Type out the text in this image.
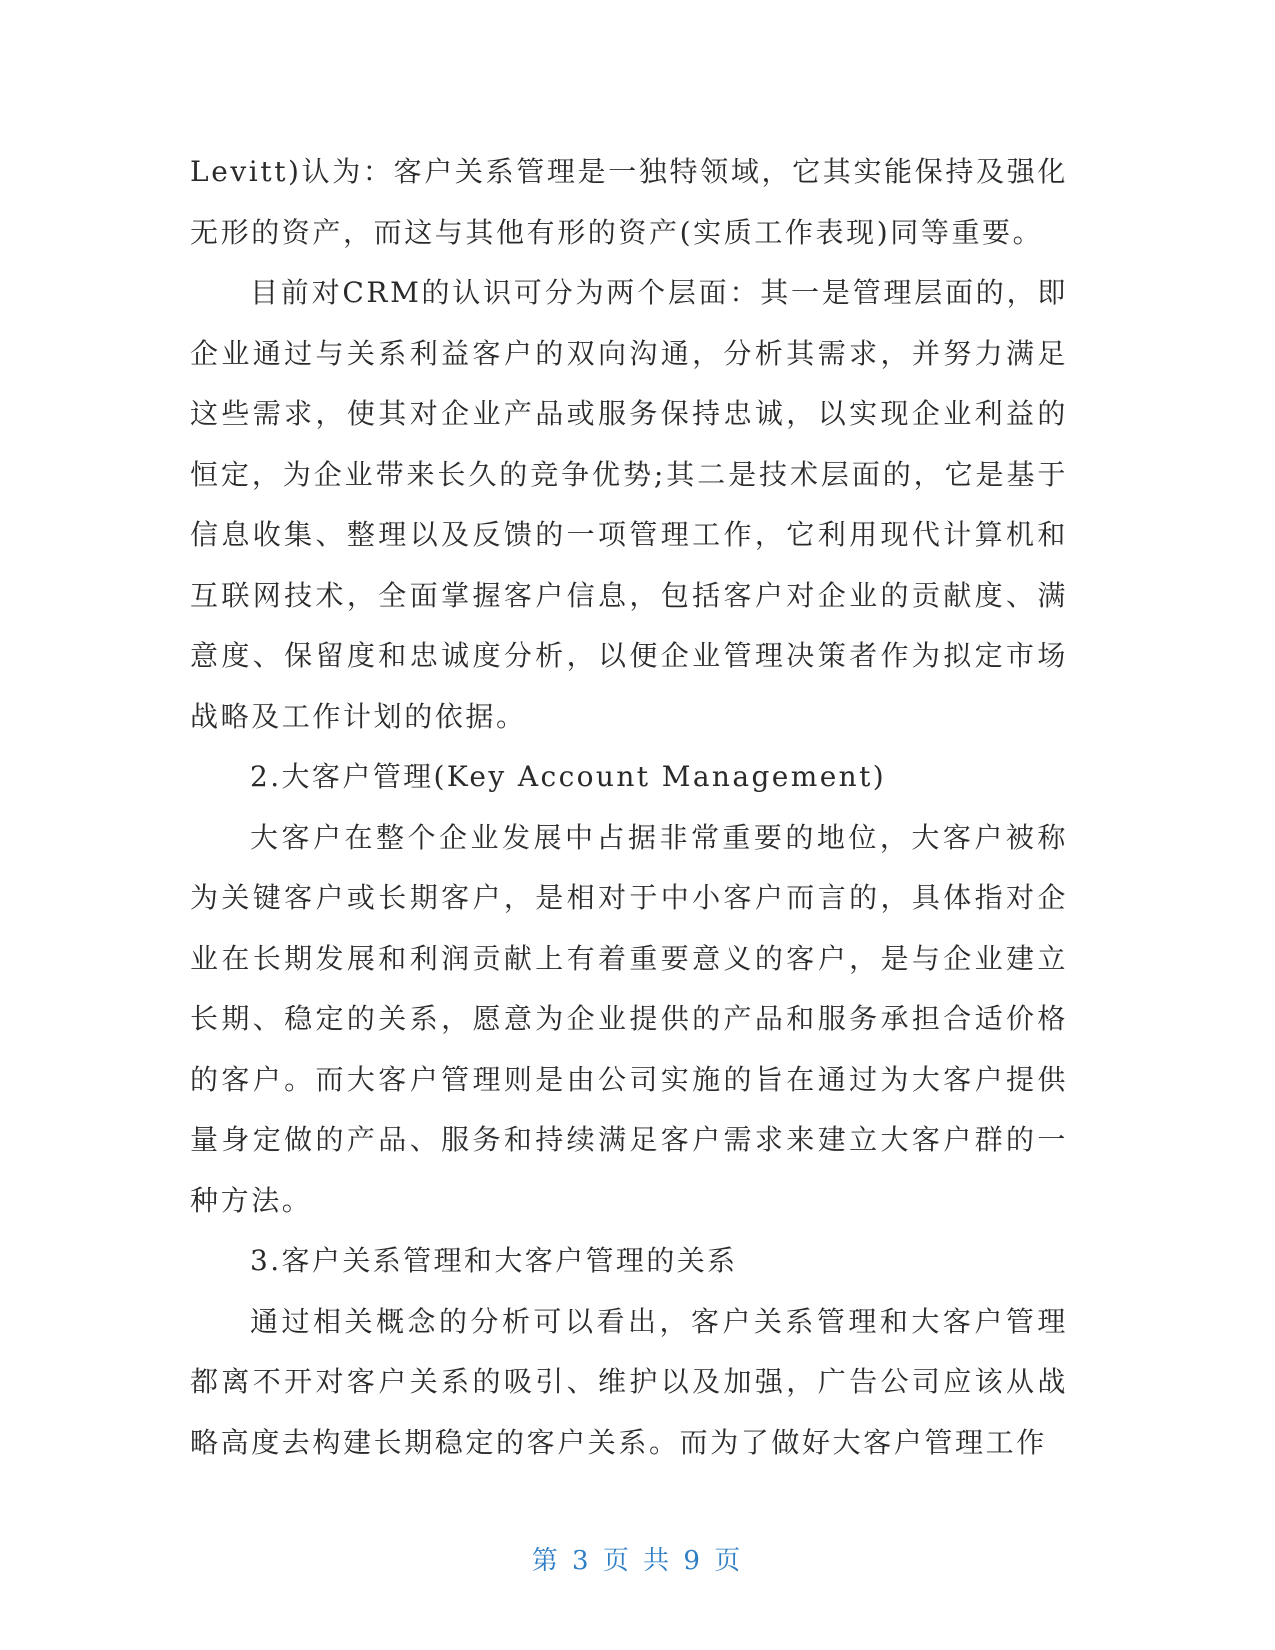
Levitt)认为：客户关系管理是一独特领域，它其实能保持及强化无形的资产，而这与其他有形的资产(实质工作表现)同等重要。

目前对CRM的认识可分为两个层面：其一是管理层面的，即企业通过与关系利益客户的双向沟通，分析其需求，并努力满足这些需求，使其对企业产品或服务保持忠诚，以实现企业利益的恒定，为企业带来长久的竞争优势;其二是技术层面的，它是基于信息收集、整理以及反馈的一项管理工作，它利用现代计算机和互联网技术，全面掌握客户信息，包括客户对企业的贡献度、满意度、保留度和忠诚度分析，以便企业管理决策者作为拟定市场战略及工作计划的依据。

2.大客户管理(Key Account Management)

大客户在整个企业发展中占据非常重要的地位，大客户被称为关键客户或长期客户，是相对于中小客户而言的，具体指对企业在长期发展和利润贡献上有着重要意义的客户，是与企业建立长期、稳定的关系，愿意为企业提供的产品和服务承担合适价格的客户。而大客户管理则是由公司实施的旨在通过为大客户提供量身定做的产品、服务和持续满足客户需求来建立大客户群的一种方法。

3.客户关系管理和大客户管理的关系

通过相关概念的分析可以看出，客户关系管理和大客户管理都离不开对客户关系的吸引、维护以及加强，广告公司应该从战略高度去构建长期稳定的客户关系。而为了做好大客户管理工作

第 3 页 共 9 页
